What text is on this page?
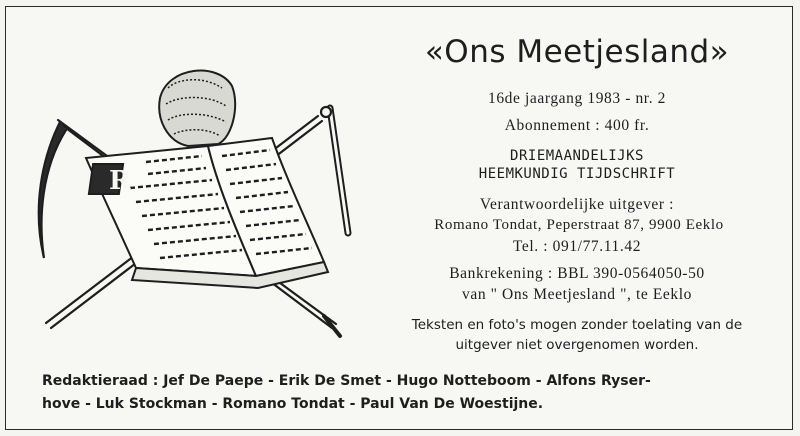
R
«Ons Meetjesland»
16de jaargang 1983 - nr. 2
Abonnement : 400 fr.
DRIEMAANDELIJKS
HEEMKUNDIG TIJDSCHRIFT
Verantwoordelijke uitgever :
Romano Tondat, Peperstraat 87, 9900 Eeklo
Tel. : 091/77.11.42
Bankrekening : BBL 390-0564050-50
van " Ons Meetjesland ", te Eeklo
Teksten en foto's mogen zonder toelating van de
uitgever niet overgenomen worden.
Redaktieraad : Jef De Paepe - Erik De Smet - Hugo Notteboom - Alfons Ryser-
hove - Luk Stockman - Romano Tondat - Paul Van De Woestijne.
